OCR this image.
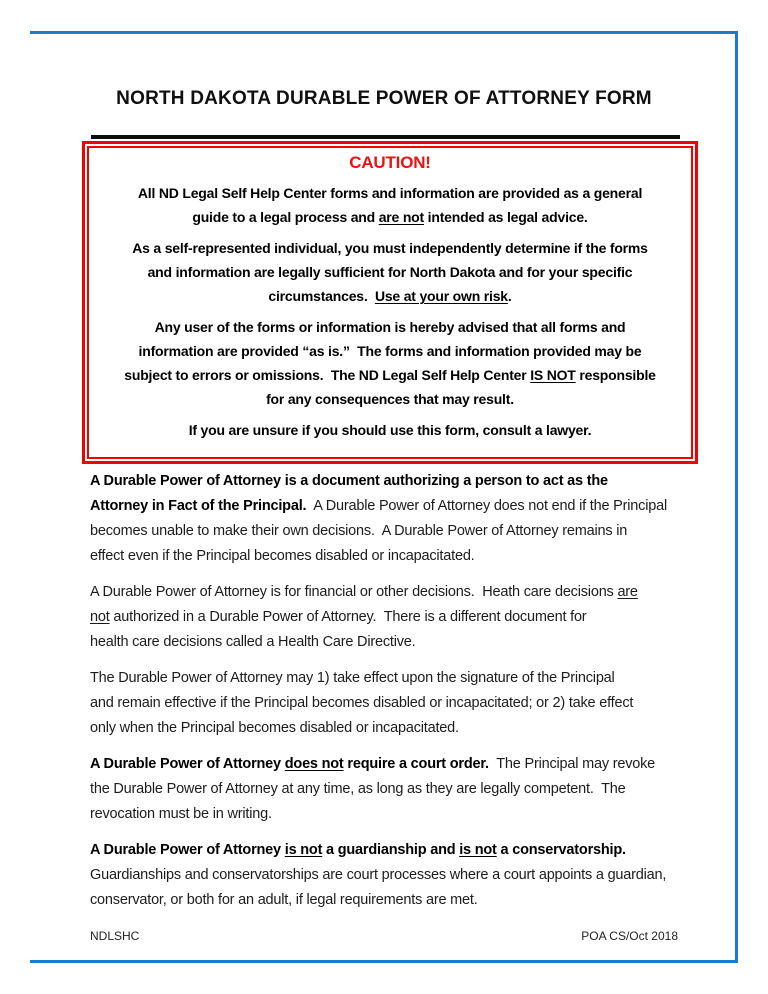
NORTH DAKOTA DURABLE POWER OF ATTORNEY FORM
CAUTION!

All ND Legal Self Help Center forms and information are provided as a general
guide to a legal process and are not intended as legal advice.

As a self-represented individual, you must independently determine if the forms
and information are legally sufficient for North Dakota and for your specific
circumstances.  Use at your own risk.

Any user of the forms or information is hereby advised that all forms and
information are provided “as is.”  The forms and information provided may be
subject to errors or omissions.  The ND Legal Self Help Center IS NOT responsible
for any consequences that may result.

If you are unsure if you should use this form, consult a lawyer.

A Durable Power of Attorney is a document authorizing a person to act as the
Attorney in Fact of the Principal.  A Durable Power of Attorney does not end if the Principal
becomes unable to make their own decisions.  A Durable Power of Attorney remains in
effect even if the Principal becomes disabled or incapacitated.

A Durable Power of Attorney is for financial or other decisions.  Heath care decisions are
not authorized in a Durable Power of Attorney.  There is a different document for
health care decisions called a Health Care Directive.

The Durable Power of Attorney may 1) take effect upon the signature of the Principal
and remain effective if the Principal becomes disabled or incapacitated; or 2) take effect
only when the Principal becomes disabled or incapacitated.

A Durable Power of Attorney does not require a court order.  The Principal may revoke
the Durable Power of Attorney at any time, as long as they are legally competent.  The
revocation must be in writing.

A Durable Power of Attorney is not a guardianship and is not a conservatorship.
Guardianships and conservatorships are court processes where a court appoints a guardian,
conservator, or both for an adult, if legal requirements are met.

NDLSHC	POA CS/Oct 2018
